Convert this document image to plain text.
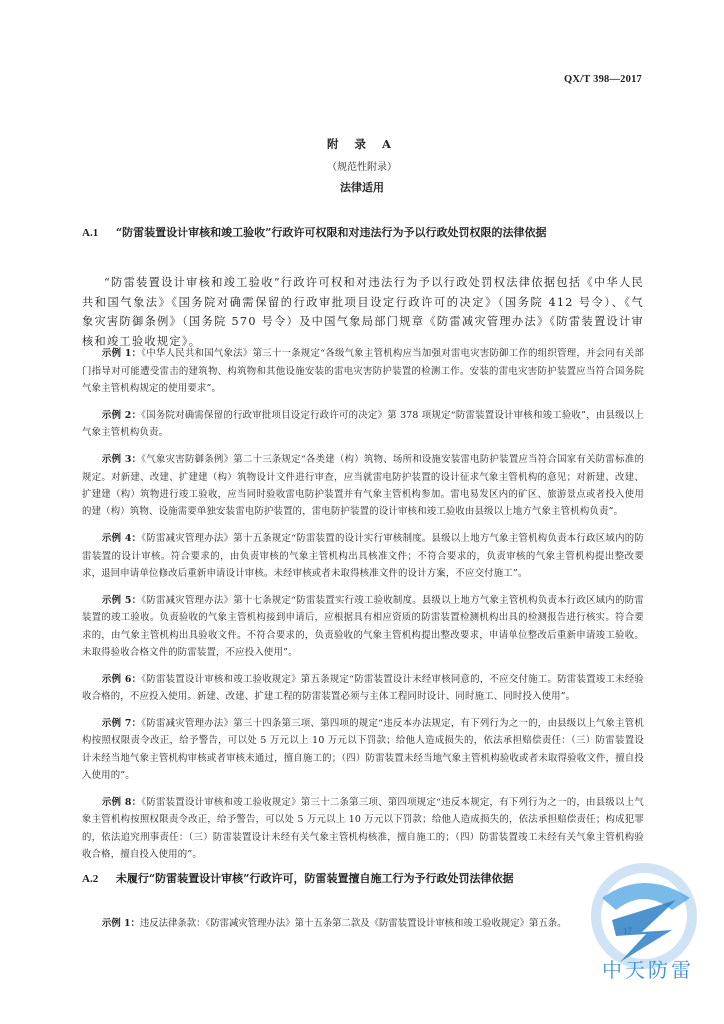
QX/T 398—2017
附 录 A
（规范性附录）
法律适用
A.1 “防雷装置设计审核和竣工验收”行政许可权限和对违法行为予以行政处罚权限的法律依据

“防雷装置设计审核和竣工验收”行政许可权和对违法行为予以行政处罚权法律依据包括《中华人民共和国气象法》《国务院对确需保留的行政审批项目设定行政许可的决定》（国务院 412 号令）、《气象灾害防御条例》（国务院 570 号令）及中国气象局部门规章《防雷减灾管理办法》《防雷装置设计审核和竣工验收规定》。

示例 1：《中华人民共和国气象法》第三十一条规定“各级气象主管机构应当加强对雷电灾害防御工作的组织管理，并会同有关部门指导对可能遭受雷击的建筑物、构筑物和其他设施安装的雷电灾害防护装置的检测工作。安装的雷电灾害防护装置应当符合国务院气象主管机构规定的使用要求”。

示例 2：《国务院对确需保留的行政审批项目设定行政许可的决定》第 378 项规定“防雷装置设计审核和竣工验收”，由县级以上气象主管机构负责。

示例 3：《气象灾害防御条例》第二十三条规定“各类建（构）筑物、场所和设施安装雷电防护装置应当符合国家有关防雷标准的规定。对新建、改建、扩建建（构）筑物设计文件进行审查，应当就雷电防护装置的设计征求气象主管机构的意见；对新建、改建、扩建建（构）筑物进行竣工验收，应当同时验收雷电防护装置并有气象主管机构参加。雷电易发区内的矿区、旅游景点或者投入使用的建（构）筑物、设施需要单独安装雷电防护装置的，雷电防护装置的设计审核和竣工验收由县级以上地方气象主管机构负责”。

示例 4：《防雷减灾管理办法》第十五条规定“防雷装置的设计实行审核制度。县级以上地方气象主管机构负责本行政区域内的防雷装置的设计审核。符合要求的，由负责审核的气象主管机构出具核准文件；不符合要求的，负责审核的气象主管机构提出整改要求，退回申请单位修改后重新申请设计审核。未经审核或者未取得核准文件的设计方案，不应交付施工”。

示例 5：《防雷减灾管理办法》第十七条规定“防雷装置实行竣工验收制度。县级以上地方气象主管机构负责本行政区域内的防雷装置的竣工验收。负责验收的气象主管机构接到申请后，应根据具有相应资质的防雷装置检测机构出具的检测报告进行核实。符合要求的，由气象主管机构出具验收文件。不符合要求的，负责验收的气象主管机构提出整改要求，申请单位整改后重新申请竣工验收。未取得验收合格文件的防雷装置，不应投入使用”。

示例 6：《防雷装置设计审核和竣工验收规定》第五条规定“防雷装置设计未经审核同意的，不应交付施工。防雷装置竣工未经验收合格的，不应投入使用。新建、改建、扩建工程的防雷装置必须与主体工程同时设计、同时施工、同时投入使用”。

示例 7：《防雷减灾管理办法》第三十四条第三项、第四项的规定“违反本办法规定，有下列行为之一的，由县级以上气象主管机构按照权限责令改正，给予警告，可以处 5 万元以上 10 万元以下罚款；给他人造成损失的，依法承担赔偿责任：（三）防雷装置设计未经当地气象主管机构审核或者审核未通过，擅自施工的；（四）防雷装置未经当地气象主管机构验收或者未取得验收文件，擅自投入使用的”。

示例 8：《防雷装置设计审核和竣工验收规定》第三十二条第三项、第四项规定“违反本规定，有下列行为之一的，由县级以上气象主管机构按照权限责令改正，给予警告，可以处 5 万元以上 10 万元以下罚款；给他人造成损失的，依法承担赔偿责任；构成犯罪的，依法追究刑事责任：（三）防雷装置设计未经有关气象主管机构核准，擅自施工的；（四）防雷装置竣工未经有关气象主管机构验收合格，擅自投入使用的”。

A.2 未履行“防雷装置设计审核”行政许可，防雷装置擅自施工行为予行政处罚法律依据

示例 1：违反法律条款：《防雷减灾管理办法》第十五条第二款及《防雷装置设计审核和竣工验收规定》第五条。

中天防雷
